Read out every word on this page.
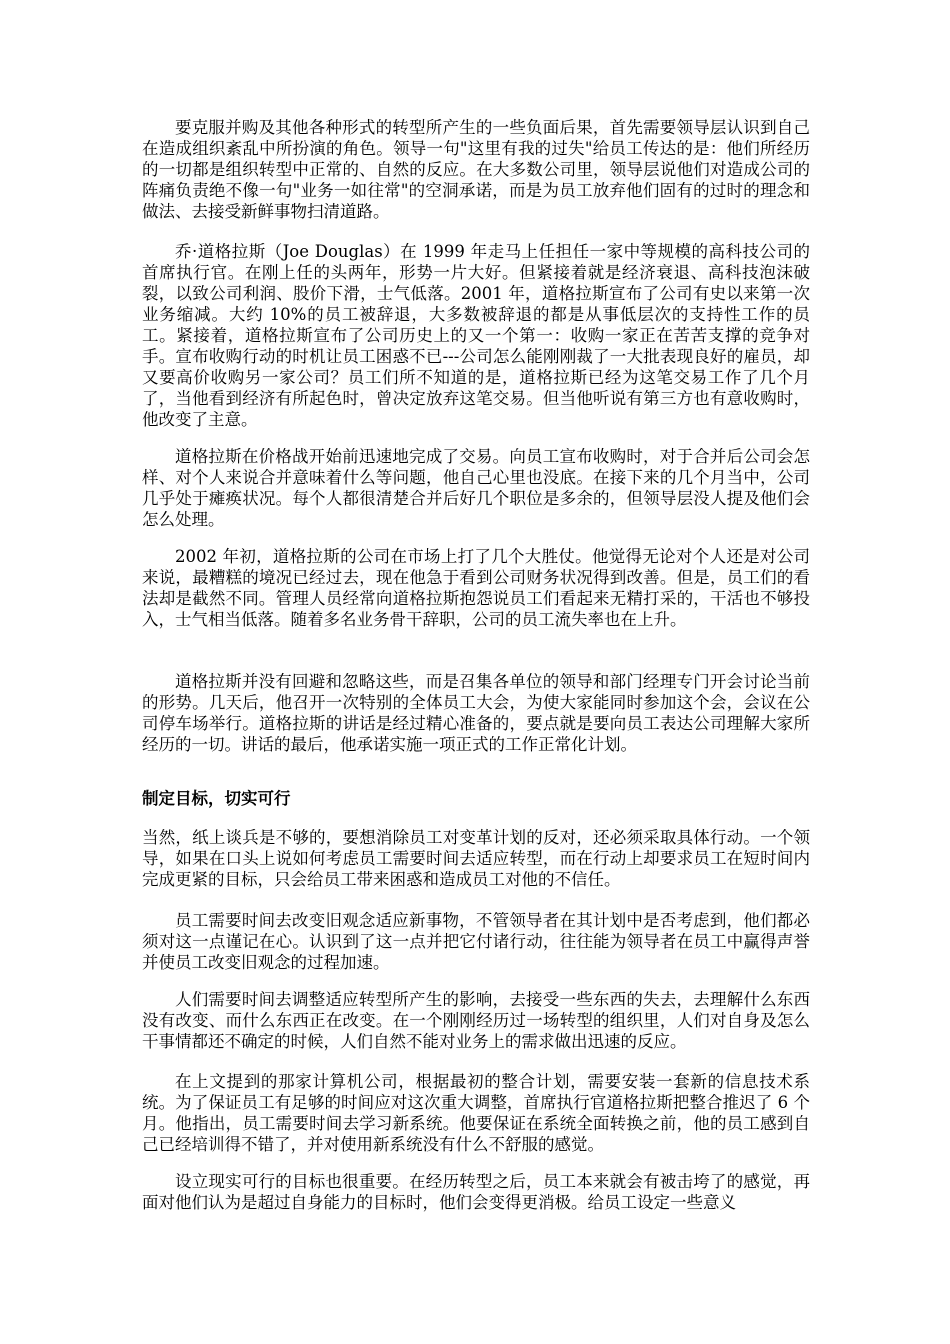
要克服并购及其他各种形式的转型所产生的一些负面后果，首先需要领导层认识到自己在造成组织紊乱中所扮演的角色。领导一句"这里有我的过失"给员工传达的是：他们所经历的一切都是组织转型中正常的、自然的反应。在大多数公司里，领导层说他们对造成公司的阵痛负责绝不像一句"业务一如往常"的空洞承诺，而是为员工放弃他们固有的过时的理念和做法、去接受新鲜事物扫清道路。

乔·道格拉斯（Joe Douglas）在 1999 年走马上任担任一家中等规模的高科技公司的首席执行官。在刚上任的头两年，形势一片大好。但紧接着就是经济衰退、高科技泡沫破裂，以致公司利润、股价下滑，士气低落。2001 年，道格拉斯宣布了公司有史以来第一次业务缩减。大约 10%的员工被辞退，大多数被辞退的都是从事低层次的支持性工作的员工。紧接着，道格拉斯宣布了公司历史上的又一个第一：收购一家正在苦苦支撑的竞争对手。宣布收购行动的时机让员工困惑不已---公司怎么能刚刚裁了一大批表现良好的雇员，却又要高价收购另一家公司？员工们所不知道的是，道格拉斯已经为这笔交易工作了几个月了，当他看到经济有所起色时，曾决定放弃这笔交易。但当他听说有第三方也有意收购时，他改变了主意。

道格拉斯在价格战开始前迅速地完成了交易。向员工宣布收购时，对于合并后公司会怎样、对个人来说合并意味着什么等问题，他自己心里也没底。在接下来的几个月当中，公司几乎处于瘫痪状况。每个人都很清楚合并后好几个职位是多余的，但领导层没人提及他们会怎么处理。

2002 年初，道格拉斯的公司在市场上打了几个大胜仗。他觉得无论对个人还是对公司来说，最糟糕的境况已经过去，现在他急于看到公司财务状况得到改善。但是，员工们的看法却是截然不同。管理人员经常向道格拉斯抱怨说员工们看起来无精打采的，干活也不够投入，士气相当低落。随着多名业务骨干辞职，公司的员工流失率也在上升。

道格拉斯并没有回避和忽略这些，而是召集各单位的领导和部门经理专门开会讨论当前的形势。几天后，他召开一次特别的全体员工大会，为使大家能同时参加这个会，会议在公司停车场举行。道格拉斯的讲话是经过精心准备的，要点就是要向员工表达公司理解大家所经历的一切。讲话的最后，他承诺实施一项正式的工作正常化计划。

制定目标，切实可行

当然，纸上谈兵是不够的，要想消除员工对变革计划的反对，还必须采取具体行动。一个领导，如果在口头上说如何考虑员工需要时间去适应转型，而在行动上却要求员工在短时间内完成更紧的目标，只会给员工带来困惑和造成员工对他的不信任。

员工需要时间去改变旧观念适应新事物，不管领导者在其计划中是否考虑到，他们都必须对这一点谨记在心。认识到了这一点并把它付诸行动，往往能为领导者在员工中赢得声誉并使员工改变旧观念的过程加速。

人们需要时间去调整适应转型所产生的影响，去接受一些东西的失去，去理解什么东西没有改变、而什么东西正在改变。在一个刚刚经历过一场转型的组织里，人们对自身及怎么干事情都还不确定的时候，人们自然不能对业务上的需求做出迅速的反应。

在上文提到的那家计算机公司，根据最初的整合计划，需要安装一套新的信息技术系统。为了保证员工有足够的时间应对这次重大调整，首席执行官道格拉斯把整合推迟了 6 个月。他指出，员工需要时间去学习新系统。他要保证在系统全面转换之前，他的员工感到自己已经培训得不错了，并对使用新系统没有什么不舒服的感觉。

设立现实可行的目标也很重要。在经历转型之后，员工本来就会有被击垮了的感觉，再面对他们认为是超过自身能力的目标时，他们会变得更消极。给员工设定一些意义
